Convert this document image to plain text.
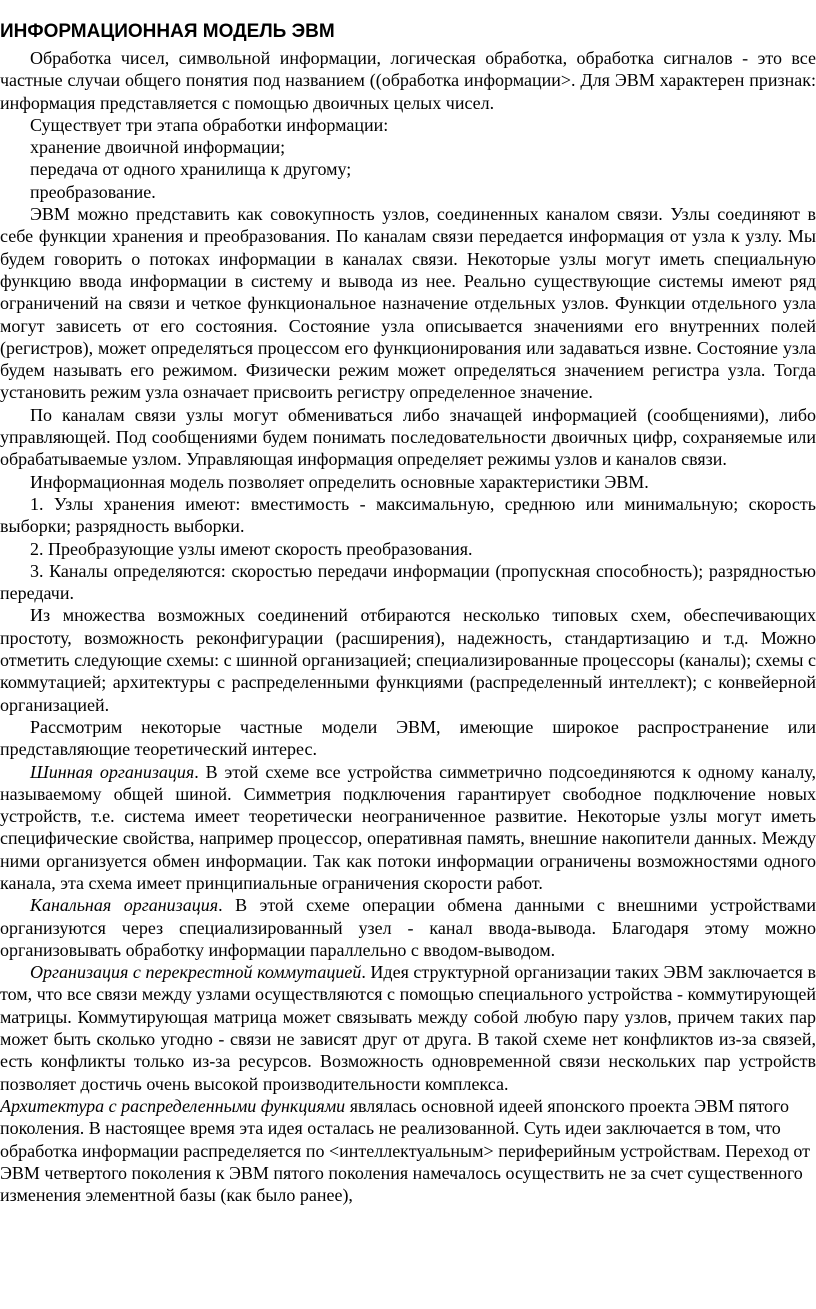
ИНФОРМАЦИОННАЯ МОДЕЛЬ ЭВМ

Обработка чисел, символьной информации, логическая обработка, обработка сигналов - это все частные случаи общего понятия под названием ((обработка информации>. Для ЭВМ характерен признак: информация представляется с помощью двоичных целых чисел.

Существует три этапа обработки информации:

хранение двоичной информации;

передача от одного хранилища к другому;

преобразование.

ЭВМ можно представить как совокупность узлов, соединенных каналом связи. Узлы соединяют в себе функции хранения и преобразования. По каналам связи передается информация от узла к узлу. Мы будем говорить о потоках информации в каналах связи. Некоторые узлы могут иметь специальную функцию ввода информации в систему и вывода из нее. Реально существующие системы имеют ряд ограничений на связи и четкое функциональное назначение отдельных узлов. Функции отдельного узла могут зависеть от его состояния. Состояние узла описывается значениями его внутренних полей (регистров), может определяться процессом его функционирования или задаваться извне. Состояние узла будем называть его режимом. Физически режим может определяться значением регистра узла. Тогда установить режим узла означает присвоить регистру определенное значение.

По каналам связи узлы могут обмениваться либо значащей информацией (сообщениями), либо управляющей. Под сообщениями будем понимать последовательности двоичных цифр, сохраняемые или обрабатываемые узлом. Управляющая информация определяет режимы узлов и каналов связи.

Информационная модель позволяет определить основные характеристики ЭВМ.

1. Узлы хранения имеют: вместимость - максимальную, среднюю или минимальную; скорость выборки; разрядность выборки.

2. Преобразующие узлы имеют скорость преобразования.

3. Каналы определяются: скоростью передачи информации (пропускная способность); разрядностью передачи.

Из множества возможных соединений отбираются несколько типовых схем, обеспечивающих простоту, возможность реконфигурации (расширения), надежность, стандартизацию и т.д. Можно отметить следующие схемы: с шинной организацией; специализированные процессоры (каналы); схемы с коммутацией; архитектуры с распределенными функциями (распределенный интеллект); с конвейерной организацией.

Рассмотрим некоторые частные модели ЭВМ, имеющие широкое распространение или представляющие теоретический интерес.

Шинная организация. В этой схеме все устройства симметрично подсоединяются к одному каналу, называемому общей шиной. Симметрия подключения гарантирует свободное подключение новых устройств, т.е. система имеет теоретически неограниченное развитие. Некоторые узлы могут иметь специфические свойства, например процессор, оперативная память, внешние накопители данных. Между ними организуется обмен информации. Так как потоки информации ограничены возможностями одного канала, эта схема имеет принципиальные ограничения скорости работ.

Канальная организация. В этой схеме операции обмена данными с внешними устройствами организуются через специализированный узел - канал ввода-вывода. Благодаря этому можно организовывать обработку информации параллельно с вводом-выводом.

Организация с перекрестной коммутацией. Идея структурной организации таких ЭВМ заключается в том, что все связи между узлами осуществляются с помощью специального устройства - коммутирующей матрицы. Коммутирующая матрица может связывать между собой любую пару узлов, причем таких пар может быть сколько угодно - связи не зависят друг от друга. В такой схеме нет конфликтов из-за связей, есть конфликты только из-за ресурсов. Возможность одновременной связи нескольких пар устройств позволяет достичь очень высокой производительности комплекса.

Архитектура с распределенными функциями являлась основной идеей японского проекта ЭВМ пятого поколения. В настоящее время эта идея осталась не реализованной. Суть идеи заключается в том, что обработка информации распределяется по <интеллектуальным> периферийным устройствам. Переход от ЭВМ четвертого поколения к ЭВМ пятого поколения намечалось осуществить не за счет существенного изменения элементной базы (как было ранее),
